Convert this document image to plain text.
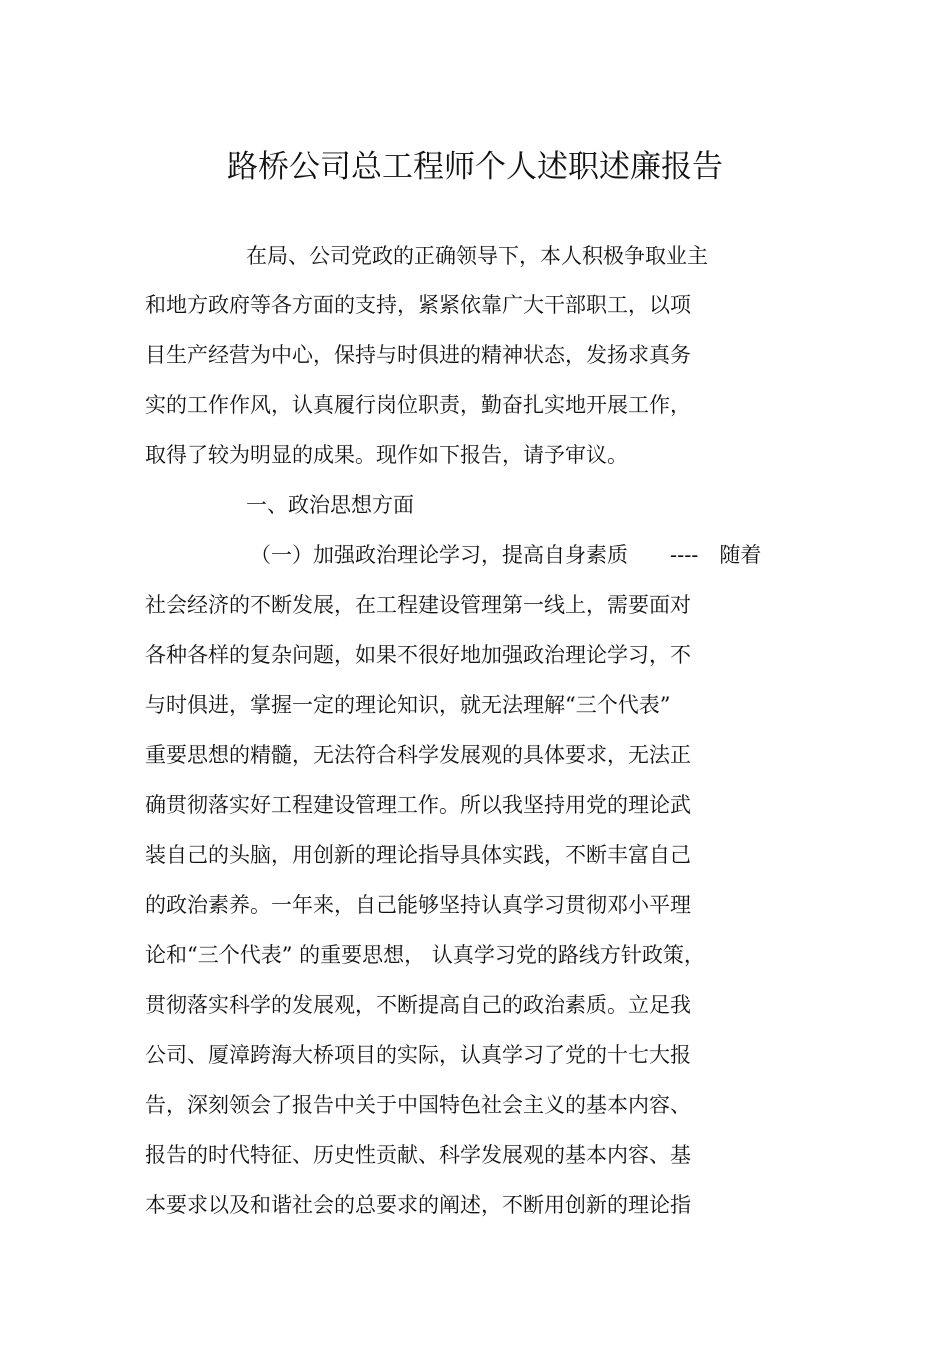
路桥公司总工程师个人述职述廉报告

在局、公司党政的正确领导下，本人积极争取业主

和地方政府等各方面的支持，紧紧依靠广大干部职工，以项

目生产经营为中心，保持与时俱进的精神状态，发扬求真务

实的工作作风，认真履行岗位职责，勤奋扎实地开展工作，

取得了较为明显的成果。现作如下报告，请予审议。

一、政治思想方面

（一）加强政治理论学习，提高自身素质　　----　随着

社会经济的不断发展，在工程建设管理第一线上，需要面对

各种各样的复杂问题，如果不很好地加强政治理论学习，不

与时俱进，掌握一定的理论知识，就无法理解“三个代表”

重要思想的精髓，无法符合科学发展观的具体要求，无法正

确贯彻落实好工程建设管理工作。所以我坚持用党的理论武

装自己的头脑，用创新的理论指导具体实践，不断丰富自己

的政治素养。一年来，自己能够坚持认真学习贯彻邓小平理

论和“三个代表” 的重要思想， 认真学习党的路线方针政策，

贯彻落实科学的发展观，不断提高自己的政治素质。立足我

公司、厦漳跨海大桥项目的实际，认真学习了党的十七大报

告，深刻领会了报告中关于中国特色社会主义的基本内容、

报告的时代特征、历史性贡献、科学发展观的基本内容、基

本要求以及和谐社会的总要求的阐述，不断用创新的理论指
